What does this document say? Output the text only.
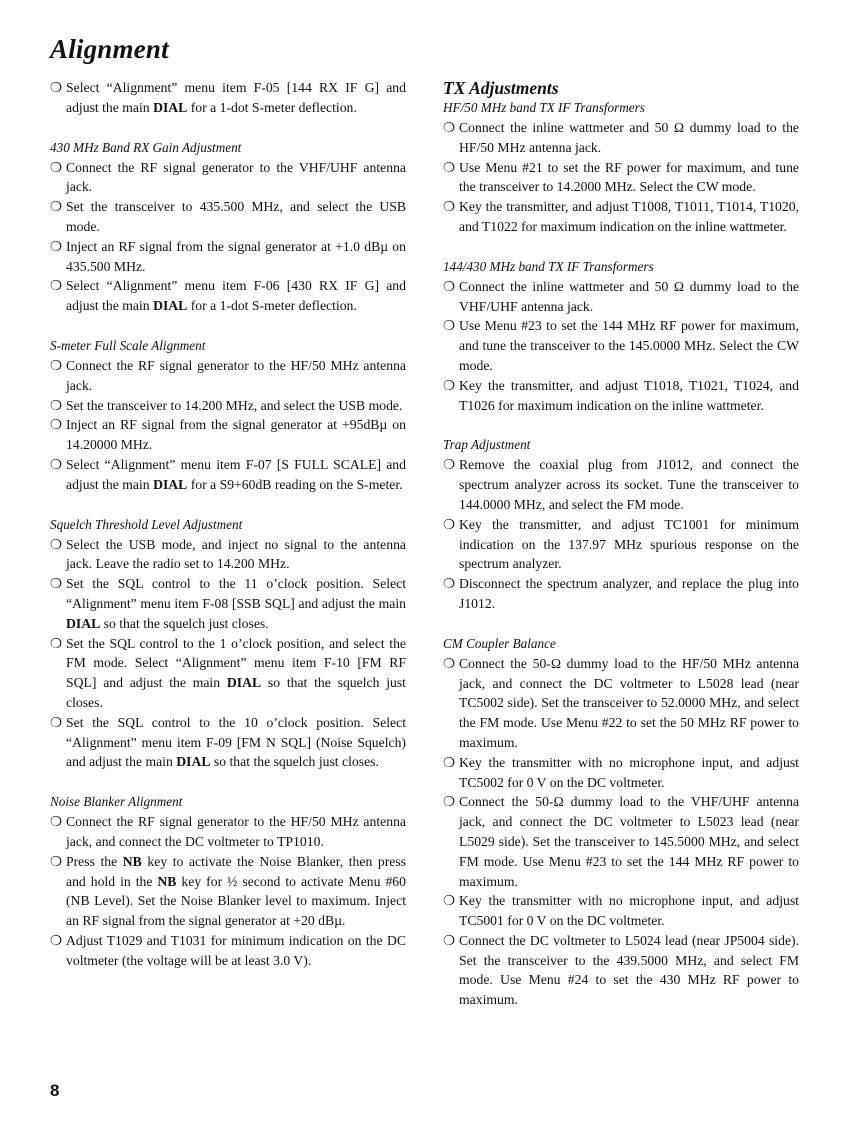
Alignment
❍ Select “Alignment” menu item F-05 [144 RX IF G] and adjust the main DIAL for a 1-dot S-meter deflection.
430 MHz Band RX Gain Adjustment
❍ Connect the RF signal generator to the VHF/UHF antenna jack.
❍ Set the transceiver to 435.500 MHz, and select the USB mode.
❍ Inject an RF signal from the signal generator at +1.0 dBµ on 435.500 MHz.
❍ Select “Alignment” menu item F-06 [430 RX IF G] and adjust the main DIAL for a 1-dot S-meter deflection.
S-meter Full Scale Alignment
❍ Connect the RF signal generator to the HF/50 MHz antenna jack.
❍ Set the transceiver to 14.200 MHz, and select the USB mode.
❍ Inject an RF signal from the signal generator at +95dBµ on 14.20000 MHz.
❍ Select “Alignment” menu item F-07 [S FULL SCALE] and adjust the main DIAL for a S9+60dB reading on the S-meter.
Squelch Threshold Level Adjustment
❍ Select the USB mode, and inject no signal to the antenna jack. Leave the radio set to 14.200 MHz.
❍ Set the SQL control to the 11 o’clock position. Select “Alignment” menu item F-08 [SSB SQL] and adjust the main DIAL so that the squelch just closes.
❍ Set the SQL control to the 1 o’clock position, and select the FM mode. Select “Alignment” menu item F-10 [FM RF SQL] and adjust the main DIAL so that the squelch just closes.
❍ Set the SQL control to the 10 o’clock position. Select “Alignment” menu item F-09 [FM N SQL] (Noise Squelch) and adjust the main DIAL so that the squelch just closes.
Noise Blanker Alignment
❍ Connect the RF signal generator to the HF/50 MHz antenna jack, and connect the DC voltmeter to TP1010.
❍ Press the NB key to activate the Noise Blanker, then press and hold in the NB key for ½ second to activate Menu #60 (NB Level). Set the Noise Blanker level to maximum. Inject an RF signal from the signal generator at +20 dBµ.
❍ Adjust T1029 and T1031 for minimum indication on the DC voltmeter (the voltage will be at least 3.0 V).
TX Adjustments
HF/50 MHz band TX IF Transformers
❍ Connect the inline wattmeter and 50 Ω dummy load to the HF/50 MHz antenna jack.
❍ Use Menu #21 to set the RF power for maximum, and tune the transceiver to 14.2000 MHz. Select the CW mode.
❍ Key the transmitter, and adjust T1008, T1011, T1014, T1020, and T1022 for maximum indication on the inline wattmeter.
144/430 MHz band TX IF Transformers
❍ Connect the inline wattmeter and 50 Ω dummy load to the VHF/UHF antenna jack.
❍ Use Menu #23 to set the 144 MHz RF power for maximum, and tune the transceiver to the 145.0000 MHz. Select the CW mode.
❍ Key the transmitter, and adjust T1018, T1021, T1024, and T1026 for maximum indication on the inline wattmeter.
Trap Adjustment
❍ Remove the coaxial plug from J1012, and connect the spectrum analyzer across its socket. Tune the transceiver to 144.0000 MHz, and select the FM mode.
❍ Key the transmitter, and adjust TC1001 for minimum indication on the 137.97 MHz spurious response on the spectrum analyzer.
❍ Disconnect the spectrum analyzer, and replace the plug into J1012.
CM Coupler Balance
❍ Connect the 50-Ω dummy load to the HF/50 MHz antenna jack, and connect the DC voltmeter to L5028 lead (near TC5002 side). Set the transceiver to 52.0000 MHz, and select the FM mode. Use Menu #22 to set the 50 MHz RF power to maximum.
❍ Key the transmitter with no microphone input, and adjust TC5002 for 0 V on the DC voltmeter.
❍ Connect the 50-Ω dummy load to the VHF/UHF antenna jack, and connect the DC voltmeter to L5023 lead (near L5029 side). Set the transceiver to 145.5000 MHz, and select FM mode. Use Menu #23 to set the 144 MHz RF power to maximum.
❍ Key the transmitter with no microphone input, and adjust TC5001 for 0 V on the DC voltmeter.
❍ Connect the DC voltmeter to L5024 lead (near JP5004 side). Set the transceiver to the 439.5000 MHz, and select FM mode. Use Menu #24 to set the 430 MHz RF power to maximum.
8
